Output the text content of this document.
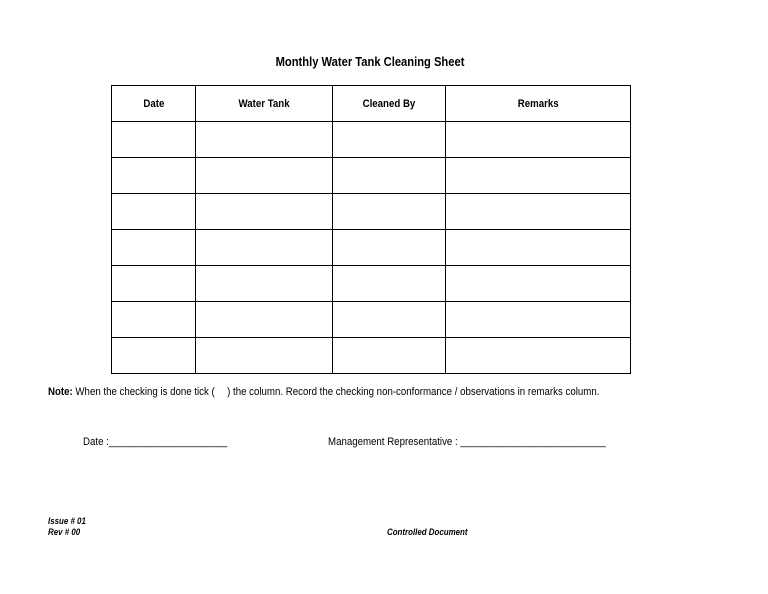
Monthly Water Tank Cleaning Sheet
Date	Water Tank	Cleaned By	Remarks

Note: When the checking is done tick ( ) the column. Record the checking non-conformance / observations in remarks column.
Date :______________________	Management Representative : ___________________________
Issue # 01
Rev # 00	Controlled Document
